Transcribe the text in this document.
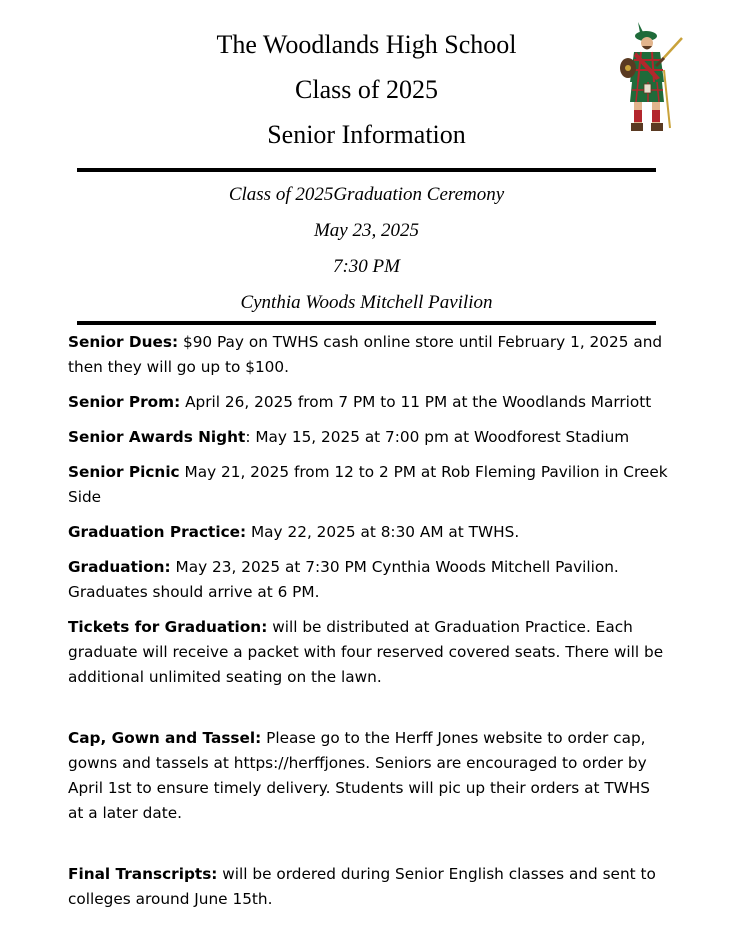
The Woodlands High School
Class of 2025
Senior Information
Class of 2025Graduation Ceremony
May 23, 2025
7:30 PM
Cynthia Woods Mitchell Pavilion

Senior Dues: $90 Pay on TWHS cash online store until February 1, 2025 and then they will go up to $100.

Senior Prom: April 26, 2025 from 7 PM to 11 PM at the Woodlands Marriott

Senior Awards Night: May 15, 2025 at 7:00 pm at Woodforest Stadium

Senior Picnic May 21, 2025 from 12 to 2 PM at Rob Fleming Pavilion in Creek Side

Graduation Practice: May 22, 2025 at 8:30 AM at TWHS.

Graduation: May 23, 2025 at 7:30 PM Cynthia Woods Mitchell Pavilion. Graduates should arrive at 6 PM.

Tickets for Graduation: will be distributed at Graduation Practice. Each graduate will receive a packet with four reserved covered seats. There will be additional unlimited seating on the lawn.

Cap, Gown and Tassel: Please go to the Herff Jones website to order cap, gowns and tassels at https://herffjones. Seniors are encouraged to order by April 1st to ensure timely delivery. Students will pic up their orders at TWHS at a later date.

Final Transcripts: will be ordered during Senior English classes and sent to colleges around June 15th.
